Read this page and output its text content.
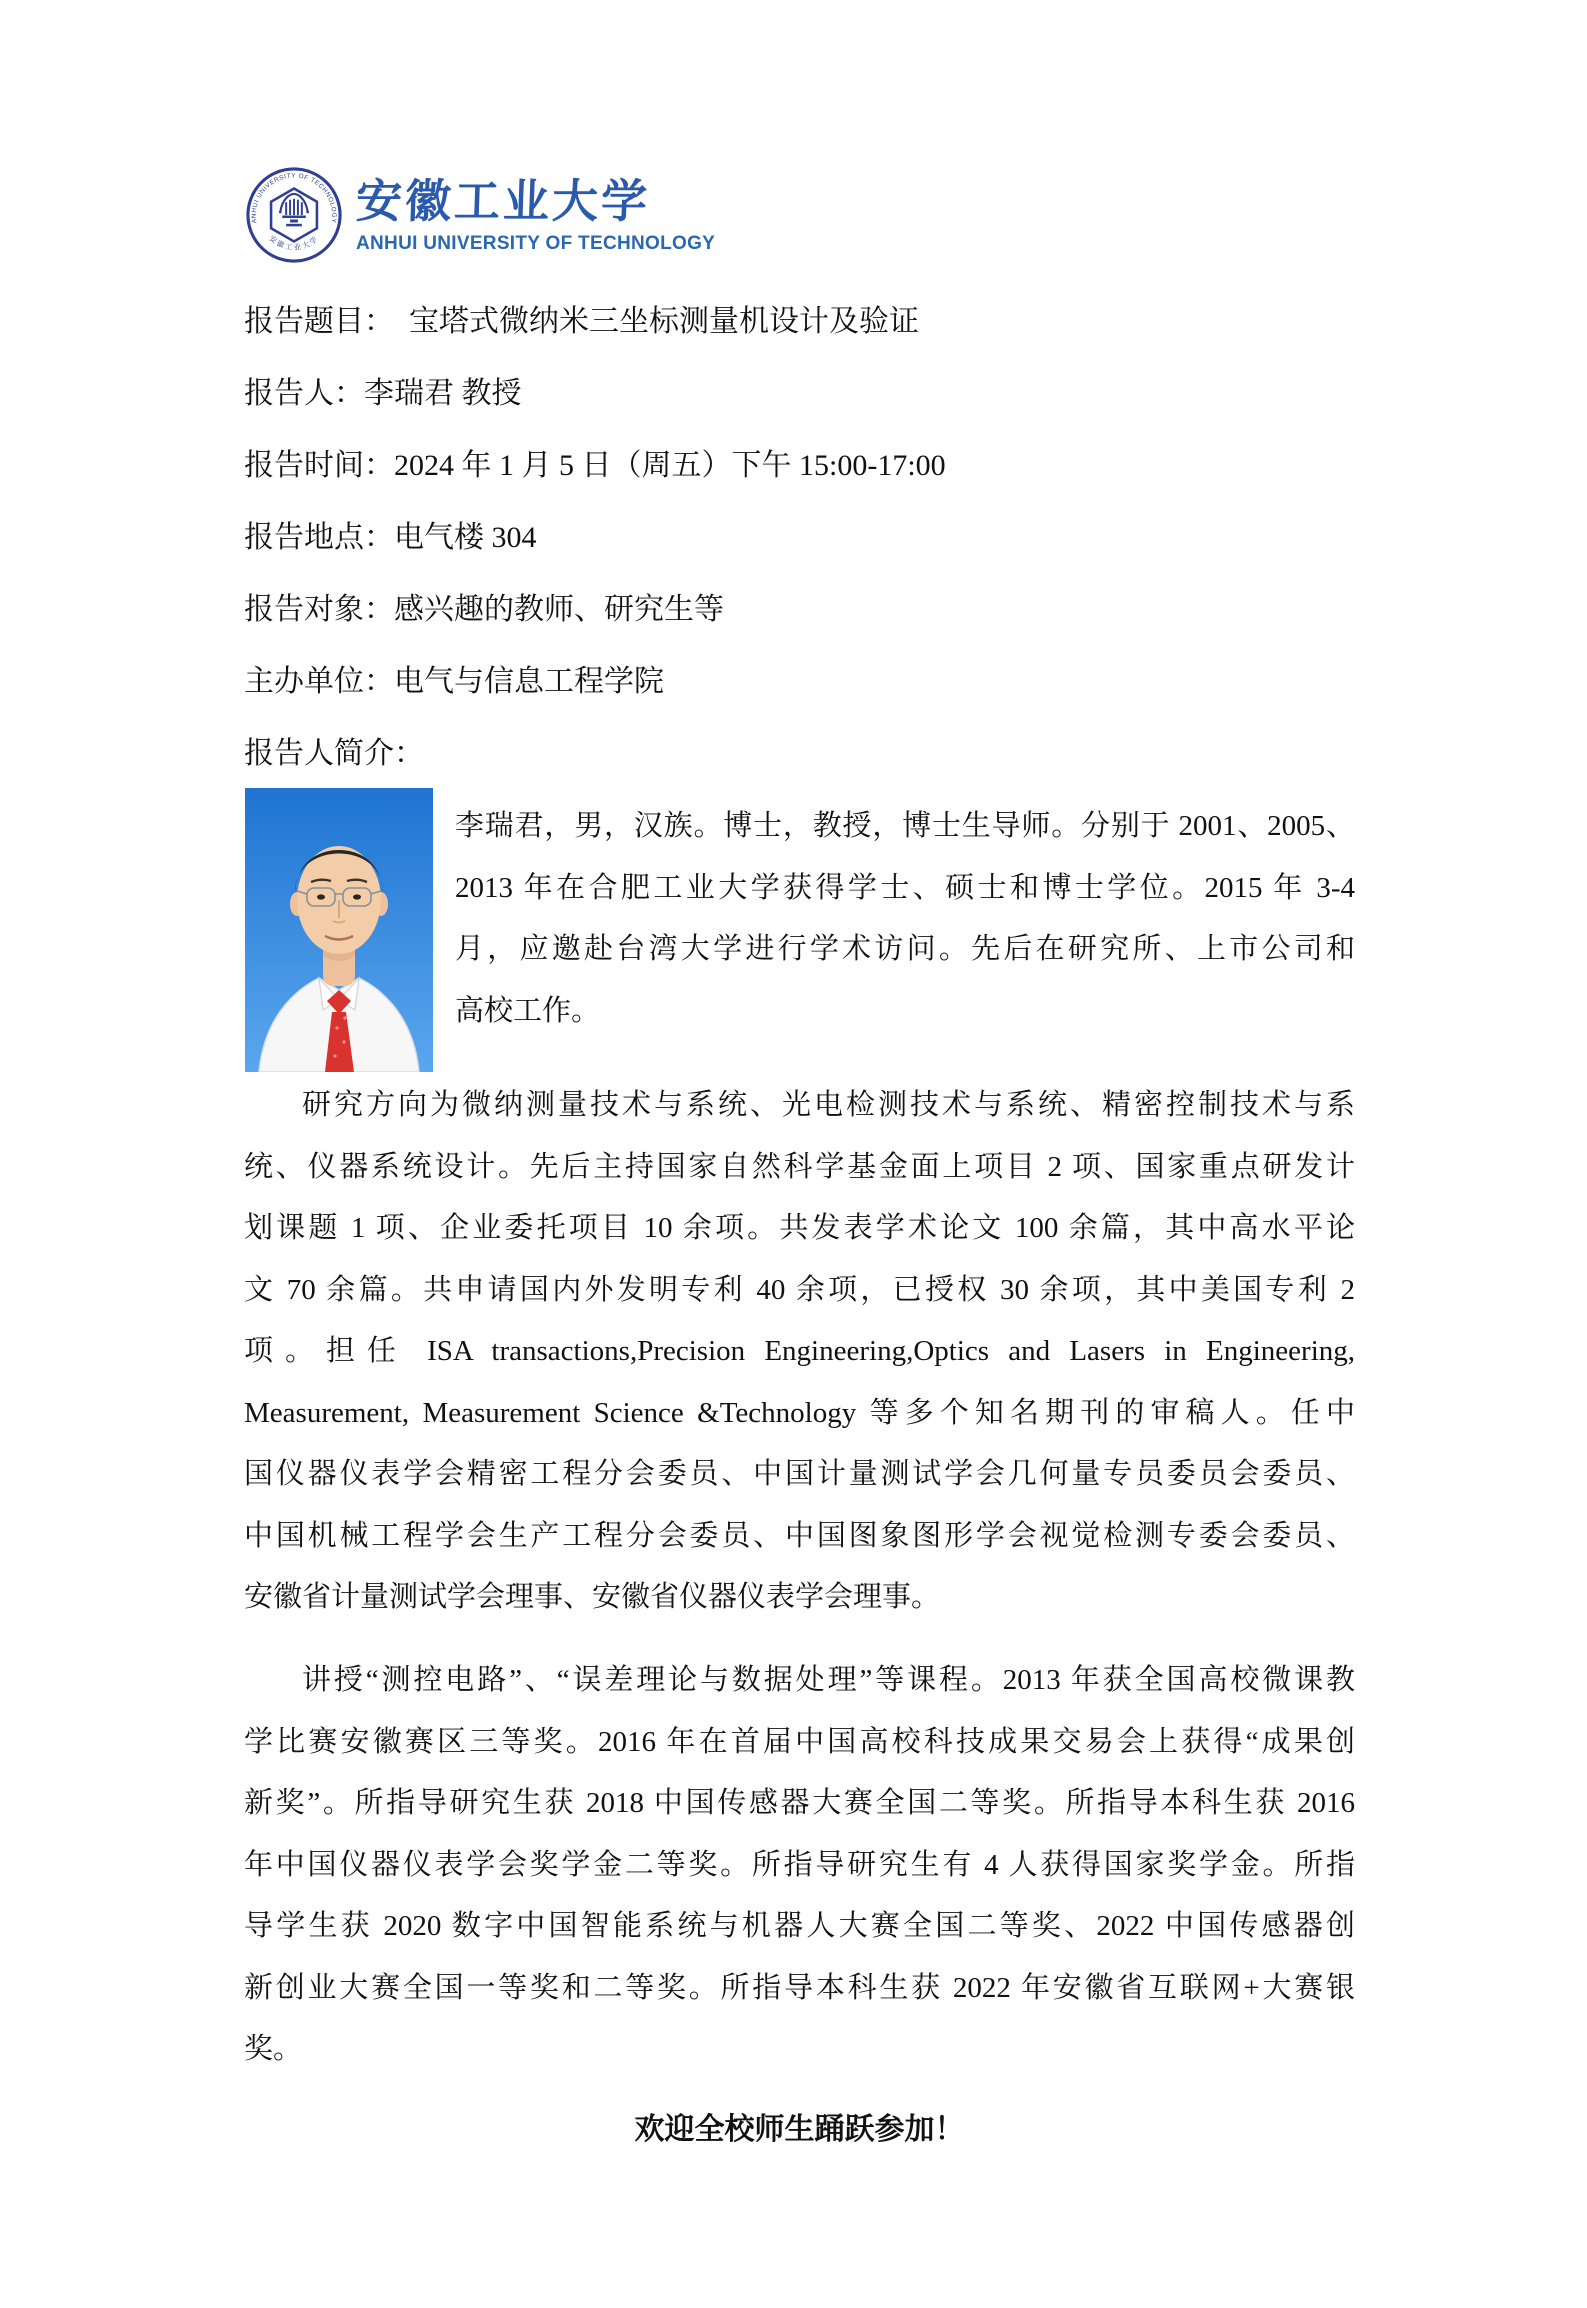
ANHUI UNIVERSITY OF TECHNOLOGY
安徽工业大学
安徽工业大学
ANHUI UNIVERSITY OF TECHNOLOGY
报告题目：  宝塔式微纳米三坐标测量机设计及验证
报告人：李瑞君 教授
报告时间：2024 年 1 月 5 日（周五）下午 15:00-17:00
报告地点：电气楼 304
报告对象：感兴趣的教师、研究生等
主办单位：电气与信息工程学院
报告人简介：
李瑞君，男，汉族。博士，教授，博士生导师。分别于 2001、2005、
2013 年在合肥工业大学获得学士、硕士和博士学位。2015 年 3-4
月，应邀赴台湾大学进行学术访问。先后在研究所、上市公司和
高校工作。
研究方向为微纳测量技术与系统、光电检测技术与系统、精密控制技术与系
统、仪器系统设计。先后主持国家自然科学基金面上项目 2 项、国家重点研发计
划课题 1 项、企业委托项目 10 余项。共发表学术论文 100 余篇，其中高水平论
文 70 余篇。共申请国内外发明专利 40 余项，已授权 30 余项，其中美国专利 2
项。担任 ISA transactions,Precision Engineering,Optics and Lasers in Engineering,
Measurement, Measurement Science &Technology 等多个知名期刊的审稿人。任中
国仪器仪表学会精密工程分会委员、中国计量测试学会几何量专员委员会委员、
中国机械工程学会生产工程分会委员、中国图象图形学会视觉检测专委会委员、
安徽省计量测试学会理事、安徽省仪器仪表学会理事。
讲授“测控电路”、“误差理论与数据处理”等课程。2013 年获全国高校微课教
学比赛安徽赛区三等奖。2016 年在首届中国高校科技成果交易会上获得“成果创
新奖”。所指导研究生获 2018 中国传感器大赛全国二等奖。所指导本科生获 2016
年中国仪器仪表学会奖学金二等奖。所指导研究生有 4 人获得国家奖学金。所指
导学生获 2020 数字中国智能系统与机器人大赛全国二等奖、2022 中国传感器创
新创业大赛全国一等奖和二等奖。所指导本科生获 2022 年安徽省互联网+大赛银
奖。
欢迎全校师生踊跃参加！
